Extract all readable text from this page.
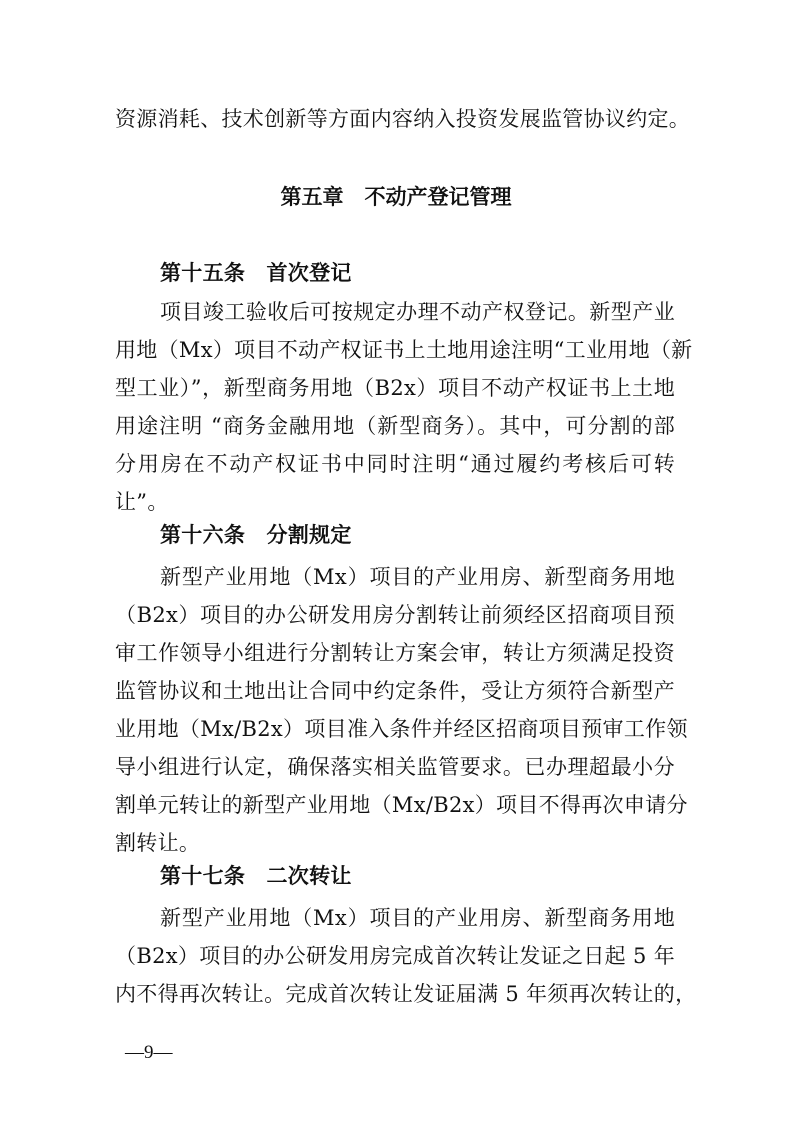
资源消耗、技术创新等方面内容纳入投资发展监管协议约定。
第五章　不动产登记管理
第十五条　首次登记
项目竣工验收后可按规定办理不动产权登记。新型产业
用地（Mx）项目不动产权证书上土地用途注明“工业用地（新
型工业）”，新型商务用地（B2x）项目不动产权证书上土地
用途注明 “商务金融用地（新型商务）。其中，可分割的部
分用房在不动产权证书中同时注明“通过履约考核后可转
让”。
第十六条　分割规定
新型产业用地（Mx）项目的产业用房、新型商务用地
（B2x）项目的办公研发用房分割转让前须经区招商项目预
审工作领导小组进行分割转让方案会审，转让方须满足投资
监管协议和土地出让合同中约定条件，受让方须符合新型产
业用地（Mx/B2x）项目准入条件并经区招商项目预审工作领
导小组进行认定，确保落实相关监管要求。已办理超最小分
割单元转让的新型产业用地（Mx/B2x）项目不得再次申请分
割转让。
第十七条　二次转让
新型产业用地（Mx）项目的产业用房、新型商务用地
（B2x）项目的办公研发用房完成首次转让发证之日起 5 年
内不得再次转让。完成首次转让发证届满 5 年须再次转让的，
—9—
